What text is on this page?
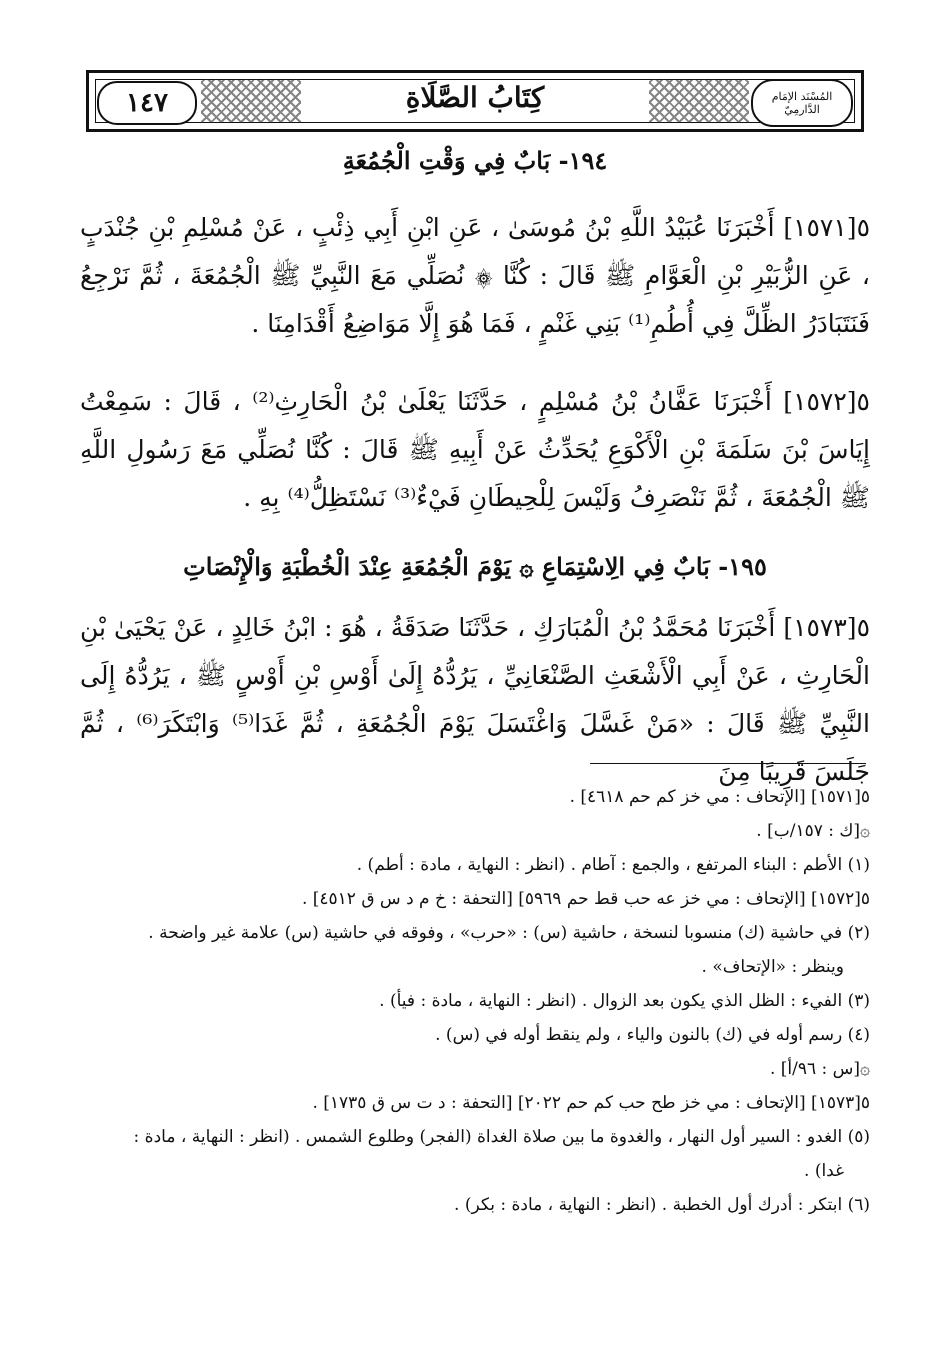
١٤٧	كِتَابُ الصَّلَاةِ	المُسْنَد الإمَام الدَّارمِيّ
١٩٤- بَابٌ فِي وَقْتِ الْجُمُعَةِ
٥[١٥٧١] أَخْبَرَنَا عُبَيْدُ اللَّهِ بْنُ مُوسَىٰ ، عَنِ ابْنِ أَبِي ذِئْبٍ ، عَنْ مُسْلِمِ بْنِ جُنْدَبٍ ، عَنِ الزُّبَيْرِ بْنِ الْعَوَّامِ ﷺ قَالَ : كُنَّا ۞ نُصَلِّي مَعَ النَّبِيِّ ﷺ الْجُمُعَةَ ، ثُمَّ نَرْجِعُ فَنَتَبَادَرُ الظِّلَّ فِي أُطُمِ⁽¹⁾ بَنِي غَنْمٍ ، فَمَا هُوَ إِلَّا مَوَاضِعُ أَقْدَامِنَا .
٥[١٥٧٢] أَخْبَرَنَا عَفَّانُ بْنُ مُسْلِمٍ ، حَدَّثَنَا يَعْلَىٰ بْنُ الْحَارِثِ⁽²⁾ ، قَالَ : سَمِعْتُ إِيَاسَ بْنَ سَلَمَةَ بْنِ الْأَكْوَعِ يُحَدِّثُ عَنْ أَبِيهِ ﷺ قَالَ : كُنَّا نُصَلِّي مَعَ رَسُولِ اللَّهِ ﷺ الْجُمُعَةَ ، ثُمَّ نَنْصَرِفُ وَلَيْسَ لِلْحِيطَانِ فَيْءٌ⁽³⁾ نَسْتَظِلُّ⁽⁴⁾ بِهِ .
١٩٥- بَابٌ فِي الِاسْتِمَاعِ ۞ يَوْمَ الْجُمُعَةِ عِنْدَ الْخُطْبَةِ وَالْإِنْصَاتِ
٥[١٥٧٣] أَخْبَرَنَا مُحَمَّدُ بْنُ الْمُبَارَكِ ، حَدَّثَنَا صَدَقَةُ ، هُوَ : ابْنُ خَالِدٍ ، عَنْ يَحْيَىٰ بْنِ الْحَارِثِ ، عَنْ أَبِي الْأَشْعَثِ الصَّنْعَانِيِّ ، يَرُدُّهُ إِلَىٰ أَوْسِ بْنِ أَوْسٍ ﷺ ، يَرُدُّهُ إِلَى النَّبِيِّ ﷺ قَالَ : «مَنْ غَسَّلَ وَاغْتَسَلَ يَوْمَ الْجُمُعَةِ ، ثُمَّ غَدَا⁽⁵⁾ وَابْتَكَرَ⁽⁶⁾ ، ثُمَّ جَلَسَ قَرِيبًا مِنَ
٥[١٥٧١] [الإتحاف : مي خز كم حم ٤٦١٨] .
۞[ك : ١٥٧/ب] .
(١) الأطم : البناء المرتفع ، والجمع : آطام . (انظر : النهاية ، مادة : أطم) .
٥[١٥٧٢] [الإتحاف : مي خز عه حب قط حم ٥٩٦٩] [التحفة : خ م د س ق ٤٥١٢] .
(٢) في حاشية (ك) منسوبا لنسخة ، حاشية (س) : «حرب» ، وفوقه في حاشية (س) علامة غير واضحة .
وينظر : «الإتحاف» .
(٣) الفيء : الظل الذي يكون بعد الزوال . (انظر : النهاية ، مادة : فيأ) .
(٤) رسم أوله في (ك) بالنون والياء ، ولم ينقط أوله في (س) .
۞[س : ٩٦/أ] .
٥[١٥٧٣] [الإتحاف : مي خز طح حب كم حم ٢٠٢٢] [التحفة : د ت س ق ١٧٣٥] .
(٥) الغدو : السير أول النهار ، والغدوة ما بين صلاة الغداة (الفجر) وطلوع الشمس . (انظر : النهاية ، مادة :
غدا) .
(٦) ابتكر : أدرك أول الخطبة . (انظر : النهاية ، مادة : بكر) .
